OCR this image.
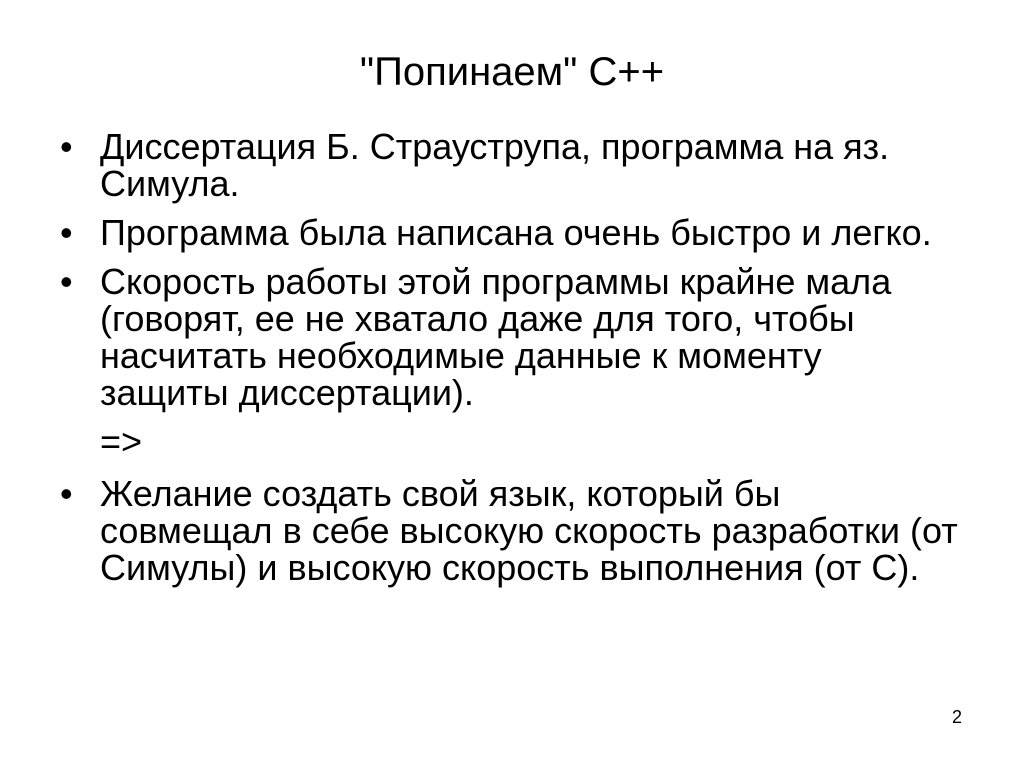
"Попинаем" С++
• Диссертация Б. Страуструпа, программа на яз. Симула.
• Программа была написана очень быстро и легко.
• Скорость работы этой программы крайне мала (говорят, ее не хватало даже для того, чтобы насчитать необходимые данные к моменту защиты диссертации).
=>
• Желание создать свой язык, который бы совмещал в себе высокую скорость разработки (от Симулы) и высокую скорость выполнения (от С).
2
